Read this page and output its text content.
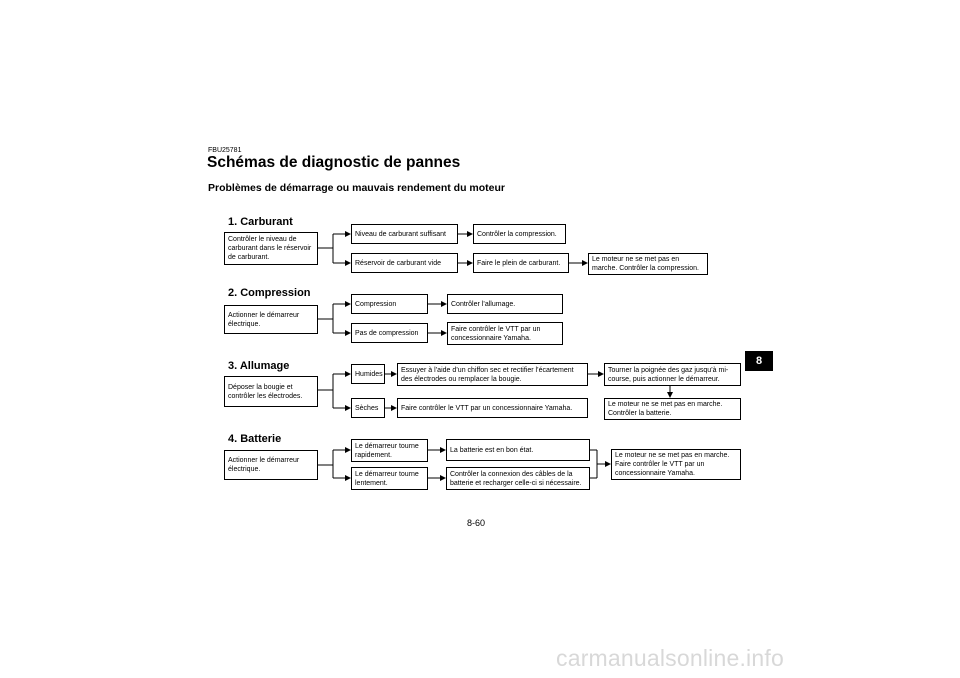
FBU25781
Schémas de diagnostic de pannes
Problèmes de démarrage ou mauvais rendement du moteur
1. Carburant
Contrôler le niveau de carburant dans le réservoir de carburant.
Niveau de carburant suffisant	Contrôler la compression.
Réservoir de carburant vide	Faire le plein de carburant.	Le moteur ne se met pas en marche. Contrôler la compression.
2. Compression
Actionner le démarreur électrique.
Compression	Contrôler l’allumage.
Pas de compression
Faire contrôler le VTT par un concessionnaire Yamaha.
3. Allumage
Déposer la bougie et contrôler les électrodes.
Humides
Essuyer à l’aide d’un chiffon sec et rectifier l’écartement des électrodes ou remplacer la bougie.
Tourner la poignée des gaz jusqu’à mi-course, puis actionner le démarreur.
Le moteur ne se met pas en marche. Contrôler la batterie.
Sèches	Faire contrôler le VTT par un concessionnaire Yamaha.
4. Batterie
Actionner le démarreur électrique.
Le démarreur tourne rapidement.
La batterie est en bon état.
Le démarreur tourne lentement.
Contrôler la connexion des câbles de la batterie et recharger celle-ci si nécessaire.
Le moteur ne se met pas en marche. Faire contrôler le VTT par un concessionnaire Yamaha.
8
8-60
carmanualsonline.info
